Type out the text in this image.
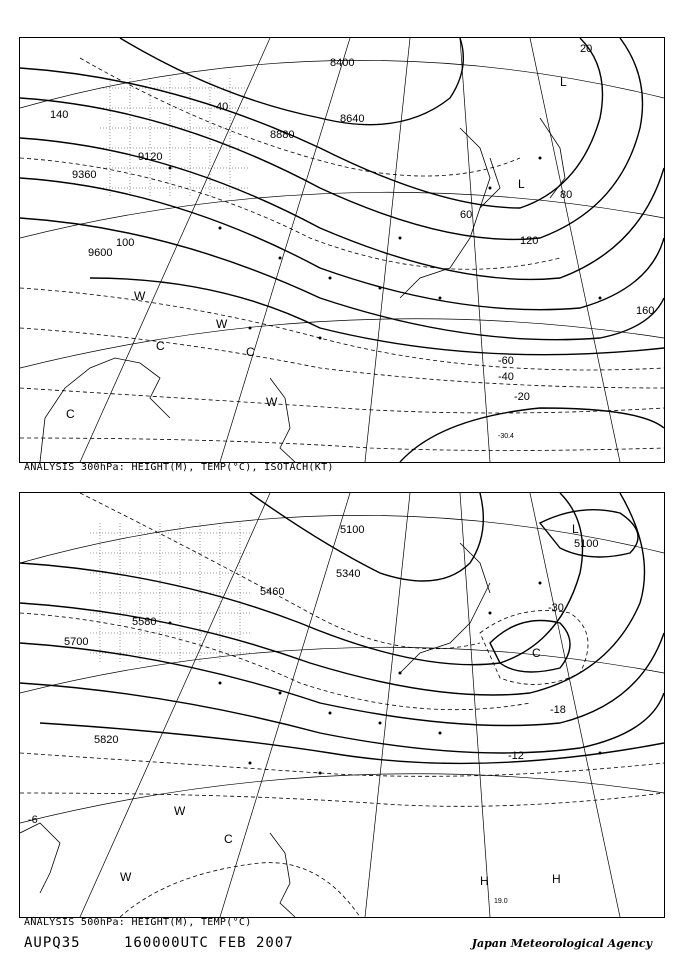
8400
8640
8880
9120
9360
9600
20
40
60
80
100	120
140
160
-60
-40
-20
L
L
W
C
W
C
C
W
-30.4
ANALYSIS 300hPa: HEIGHT(M), TEMP(°C), ISOTACH(KT)
5100
5340
5460
5580
5700
5820
5100
-30
-18
-12
-6
L
C
W
C
W	H	H
19.0
ANALYSIS 500hPa: HEIGHT(M), TEMP(°C)
AUPQ35	160000UTC FEB 2007	Japan Meteorological Agency
